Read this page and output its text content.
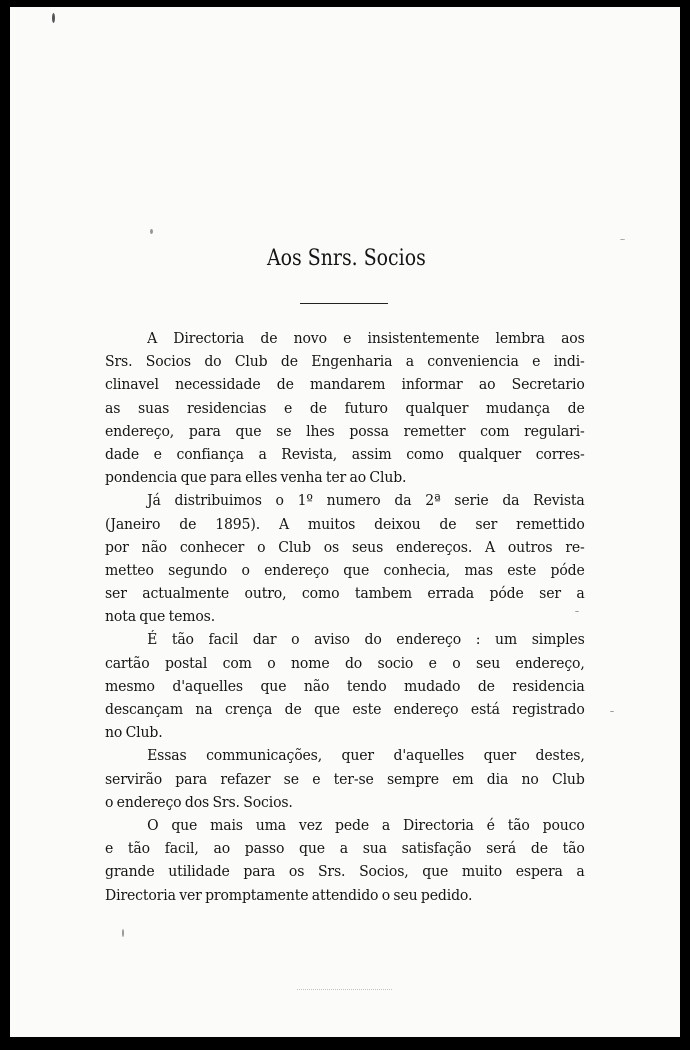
Aos Snrs. Socios
A Directoria de novo e insistentemente lembra aos
Srs. Socios do Club de Engenharia a conveniencia e indi-
clinavel necessidade de mandarem informar ao Secretario
as suas residencias e de futuro qualquer mudança de
endereço, para que se lhes possa remetter com regulari-
dade e confiança a Revista, assim como qualquer corres-
pondencia que para elles venha ter ao Club.
Já distribuimos o 1º numero da 2ª serie da Revista
(Janeiro de 1895). A muitos deixou de ser remettido
por não conhecer o Club os seus endereços. A outros re-
metteo segundo o endereço que conhecia, mas este póde
ser actualmente outro, como tambem errada póde ser a
nota que temos.
É tão facil dar o aviso do endereço : um simples
cartão postal com o nome do socio e o seu endereço,
mesmo d'aquelles que não tendo mudado de residencia
descançam na crença de que este endereço está registrado
no Club.
Essas communicações, quer d'aquelles quer destes,
servirão para refazer se e ter-se sempre em dia no Club
o endereço dos Srs. Socios.
O que mais uma vez pede a Directoria é tão pouco
e tão facil, ao passo que a sua satisfação será de tão
grande utilidade para os Srs. Socios, que muito espera a
Directoria ver promptamente attendido o seu pedido.
